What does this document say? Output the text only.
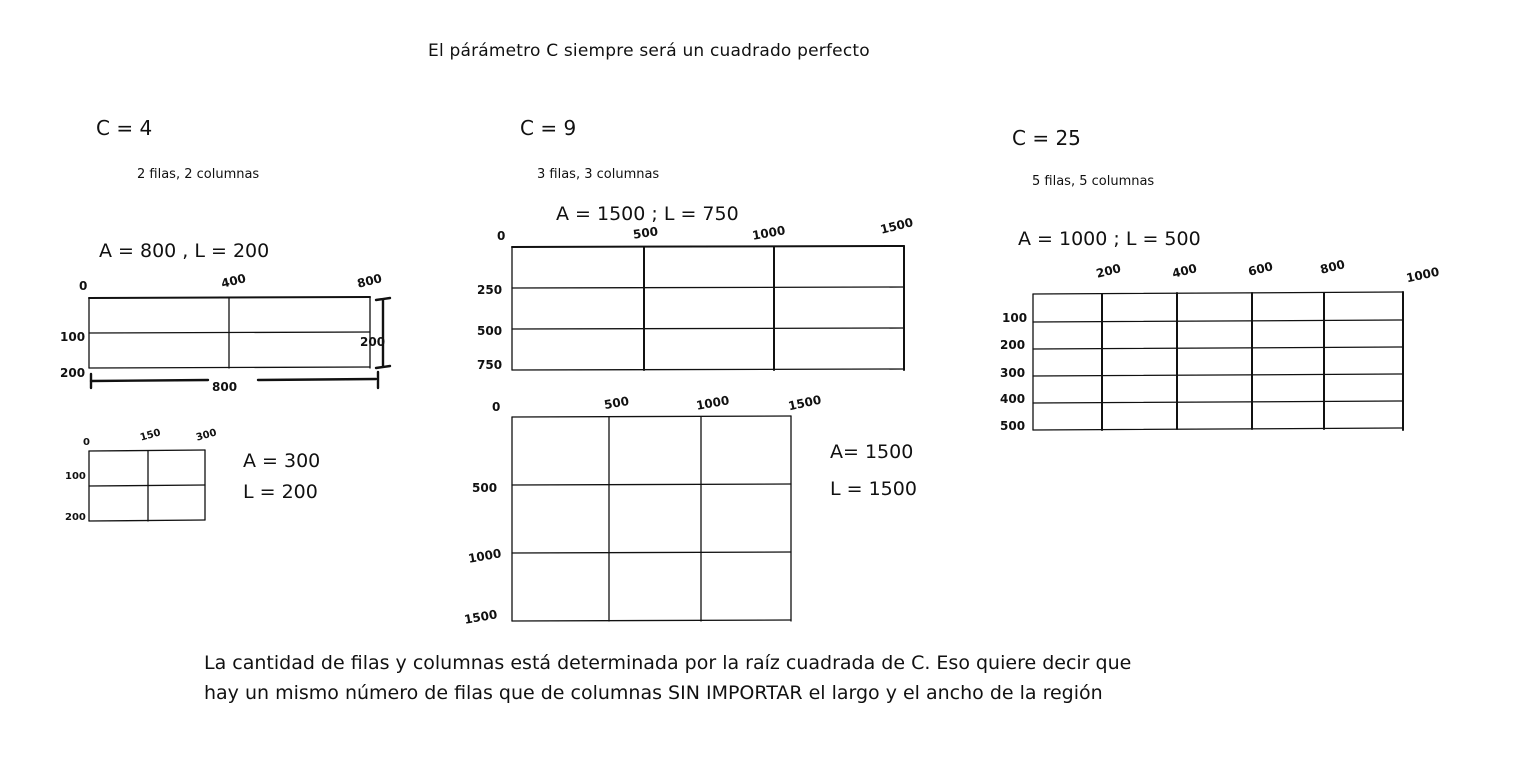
El párámetro C siempre será un cuadrado perfecto
C = 4
2 filas, 2 columnas
A = 800 , L = 200
0	400	800
100
200
200
800
0	150	300
100
200
A = 300
L = 200
C = 9
3 filas, 3 columnas
A = 1500 ; L = 750
0	500	1000	1500
250
500
750
0	500	1000	1500
500
1000
1500
A= 1500
L = 1500
C = 25
5 filas, 5 columnas
A = 1000 ; L = 500
200	400	600	800	1000
100
200
300
400
500
La cantidad de filas y columnas está determinada por la raíz cuadrada de C. Eso quiere decir que
hay un mismo número de filas que de columnas SIN IMPORTAR el largo y el ancho de la región
